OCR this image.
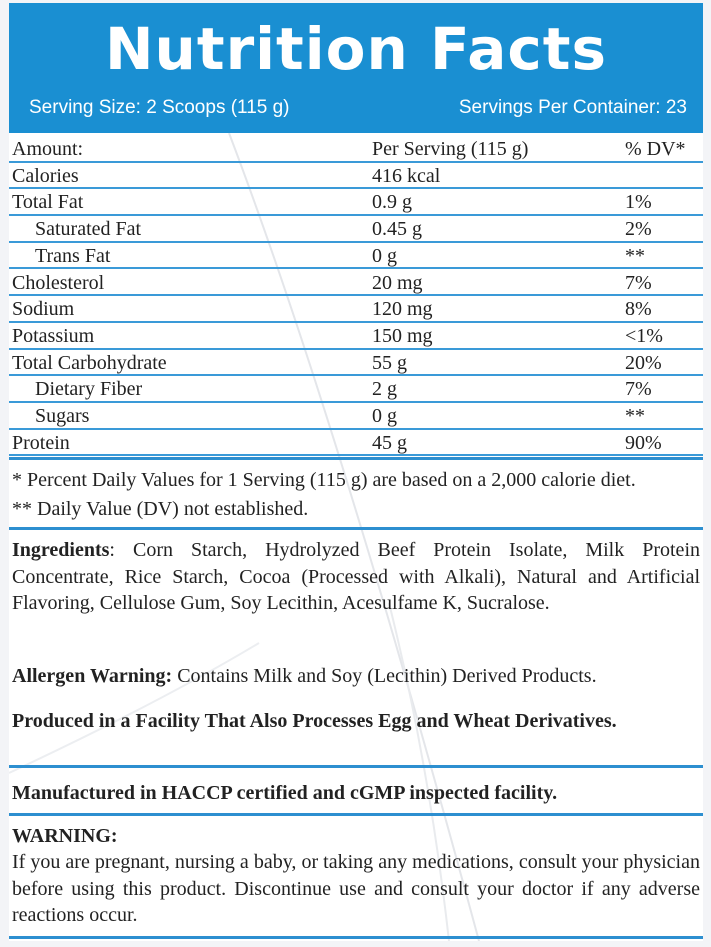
Nutrition Facts
Serving Size: 2 Scoops (115 g)	Servings Per Container: 23
Amount:	Per Serving (115 g)	% DV*
Calories	416 kcal
Total Fat	0.9 g	1%
Saturated Fat	0.45 g	2%
Trans Fat	0 g	**
Cholesterol	20 mg	7%
Sodium	120 mg	8%
Potassium	150 mg	<1%
Total Carbohydrate	55 g	20%
Dietary Fiber	2 g	7%
Sugars	0 g	**
Protein	45 g	90%
* Percent Daily Values for 1 Serving (115 g) are based on a 2,000 calorie diet.
** Daily Value (DV) not established.
Ingredients: Corn Starch, Hydrolyzed Beef Protein Isolate, Milk Protein Concentrate, Rice Starch, Cocoa (Processed with Alkali), Natural and Artificial Flavoring, Cellulose Gum, Soy Lecithin, Acesulfame K, Sucralose.
Allergen Warning: Contains Milk and Soy (Lecithin) Derived Products.
Produced in a Facility That Also Processes Egg and Wheat Derivatives.
Manufactured in HACCP certified and cGMP inspected facility.
WARNING:
If you are pregnant, nursing a baby, or taking any medications, consult your physician before using this product. Discontinue use and consult your doctor if any adverse reactions occur.
